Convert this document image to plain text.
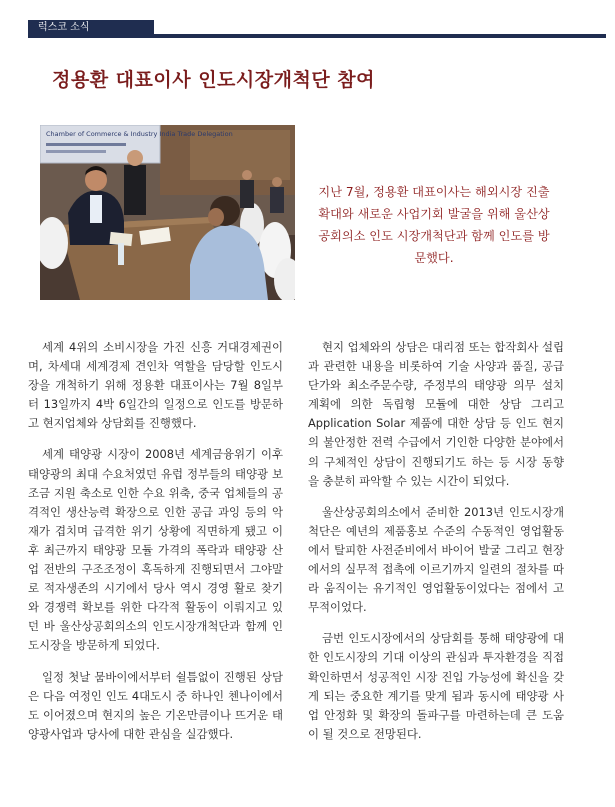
럭스코 소식
정용환 대표이사 인도시장개척단 참여
Chamber of Commerce & Industry India Trade Delegation

지난 7월, 정용환 대표이사는 해외시장 진출 확대와 새로운 사업기회 발굴을 위해 울산상공회의소 인도 시장개척단과 함께 인도를 방문했다.

세계 4위의 소비시장을 가진 신흥 거대경제권이며, 차세대 세계경제 견인차 역할을 담당할 인도시장을 개척하기 위해 정용환 대표이사는 7월 8일부터 13일까지 4박 6일간의 일정으로 인도를 방문하고 현지업체와 상담회를 진행했다.

세계 태양광 시장이 2008년 세계금융위기 이후 태양광의 최대 수요처였던 유럽 정부들의 태양광 보조금 지원 축소로 인한 수요 위축, 중국 업체들의 공격적인 생산능력 확장으로 인한 공급 과잉 등의 악재가 겹치며 급격한 위기 상황에 직면하게 됐고 이후 최근까지 태양광 모듈 가격의 폭락과 태양광 산업 전반의 구조조정이 혹독하게 진행되면서 그야말로 적자생존의 시기에서 당사 역시 경영 활로 찾기와 경쟁력 확보를 위한 다각적 활동이 이뤄지고 있던 바 울산상공회의소의 인도시장개척단과 함께 인도시장을 방문하게 되었다.

일정 첫날 뭄바이에서부터 쉴틈없이 진행된 상담은 다음 여정인 인도 4대도시 중 하나인 첸나이에서도 이어졌으며 현지의 높은 기온만큼이나 뜨거운 태양광사업과 당사에 대한 관심을 실감했다.

현지 업체와의 상담은 대리점 또는 합작회사 설립과 관련한 내용을 비롯하여 기술 사양과 품질, 공급단가와 최소주문수량, 주정부의 태양광 의무 설치 계획에 의한 독립형 모듈에 대한 상담 그리고 Application Solar 제품에 대한 상담 등 인도 현지의 불안정한 전력 수급에서 기인한 다양한 분야에서의 구체적인 상담이 진행되기도 하는 등 시장 동향을 충분히 파악할 수 있는 시간이 되었다.

울산상공회의소에서 준비한 2013년 인도시장개척단은 예년의 제품홍보 수준의 수동적인 영업활동에서 탈피한 사전준비에서 바이어 발굴 그리고 현장에서의 실무적 접촉에 이르기까지 일련의 절차를 따라 움직이는 유기적인 영업활동이었다는 점에서 고무적이었다.

금번 인도시장에서의 상담회를 통해 태양광에 대한 인도시장의 기대 이상의 관심과 투자환경을 직접 확인하면서 성공적인 시장 진입 가능성에 확신을 갖게 되는 중요한 계기를 맞게 됨과 동시에 태양광 사업 안정화 및 확장의 돌파구를 마련하는데 큰 도움이 될 것으로 전망된다.
